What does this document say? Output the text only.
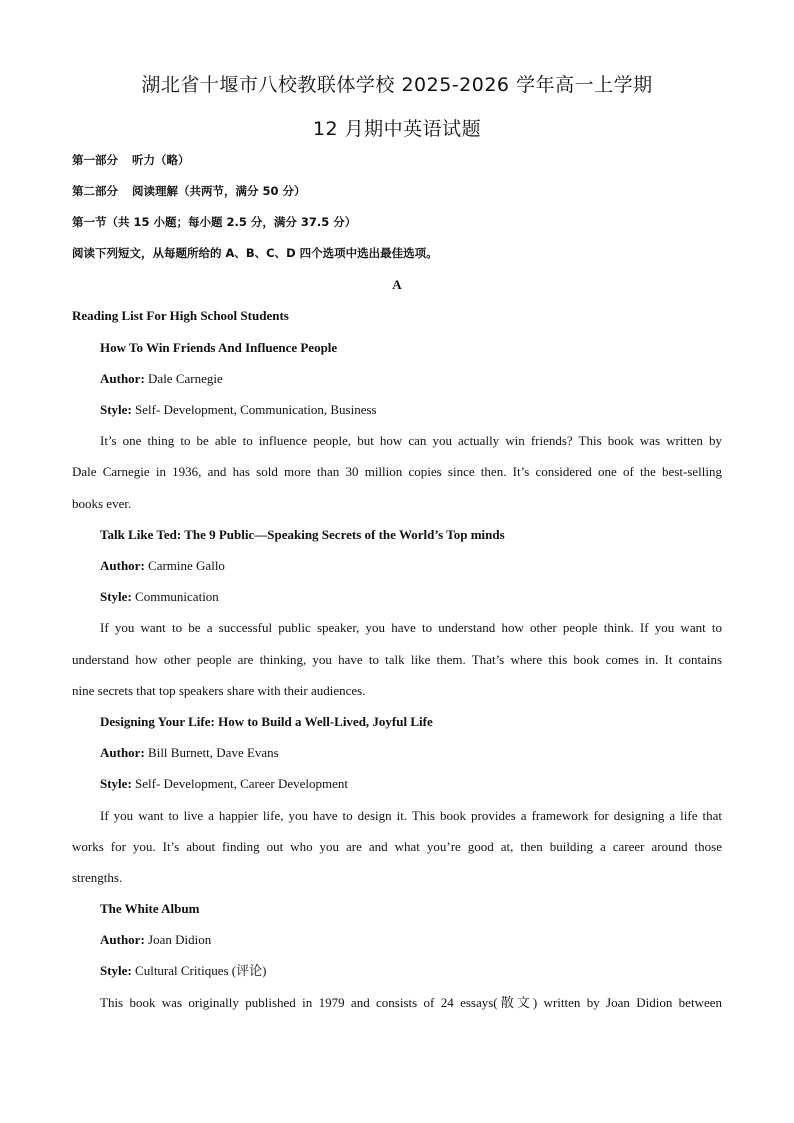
湖北省十堰市八校教联体学校 2025-2026 学年高一上学期
12 月期中英语试题
第一部分 听力（略）
第二部分 阅读理解（共两节，满分 50 分）
第一节（共 15 小题；每小题 2.5 分，满分 37.5 分）
阅读下列短文，从每题所给的 A、B、C、D 四个选项中选出最佳选项。
A
Reading List For High School Students
How To Win Friends And Influence People
Author: Dale Carnegie
Style: Self- Development, Communication, Business
It’s one thing to be able to influence people, but how can you actually win friends? This book was written by
Dale Carnegie in 1936, and has sold more than 30 million copies since then. It’s considered one of the best-selling
books ever.
Talk Like Ted: The 9 Public—Speaking Secrets of the World’s Top minds
Author: Carmine Gallo
Style: Communication
If you want to be a successful public speaker, you have to understand how other people think. If you want to
understand how other people are thinking, you have to talk like them. That’s where this book comes in. It contains
nine secrets that top speakers share with their audiences.
Designing Your Life: How to Build a Well-Lived, Joyful Life
Author: Bill Burnett, Dave Evans
Style: Self- Development, Career Development
If you want to live a happier life, you have to design it. This book provides a framework for designing a life that
works for you. It’s about finding out who you are and what you’re good at, then building a career around those
strengths.
The White Album
Author: Joan Didion
Style: Cultural Critiques (评论)
This book was originally published in 1979 and consists of 24 essays(散文) written by Joan Didion between
